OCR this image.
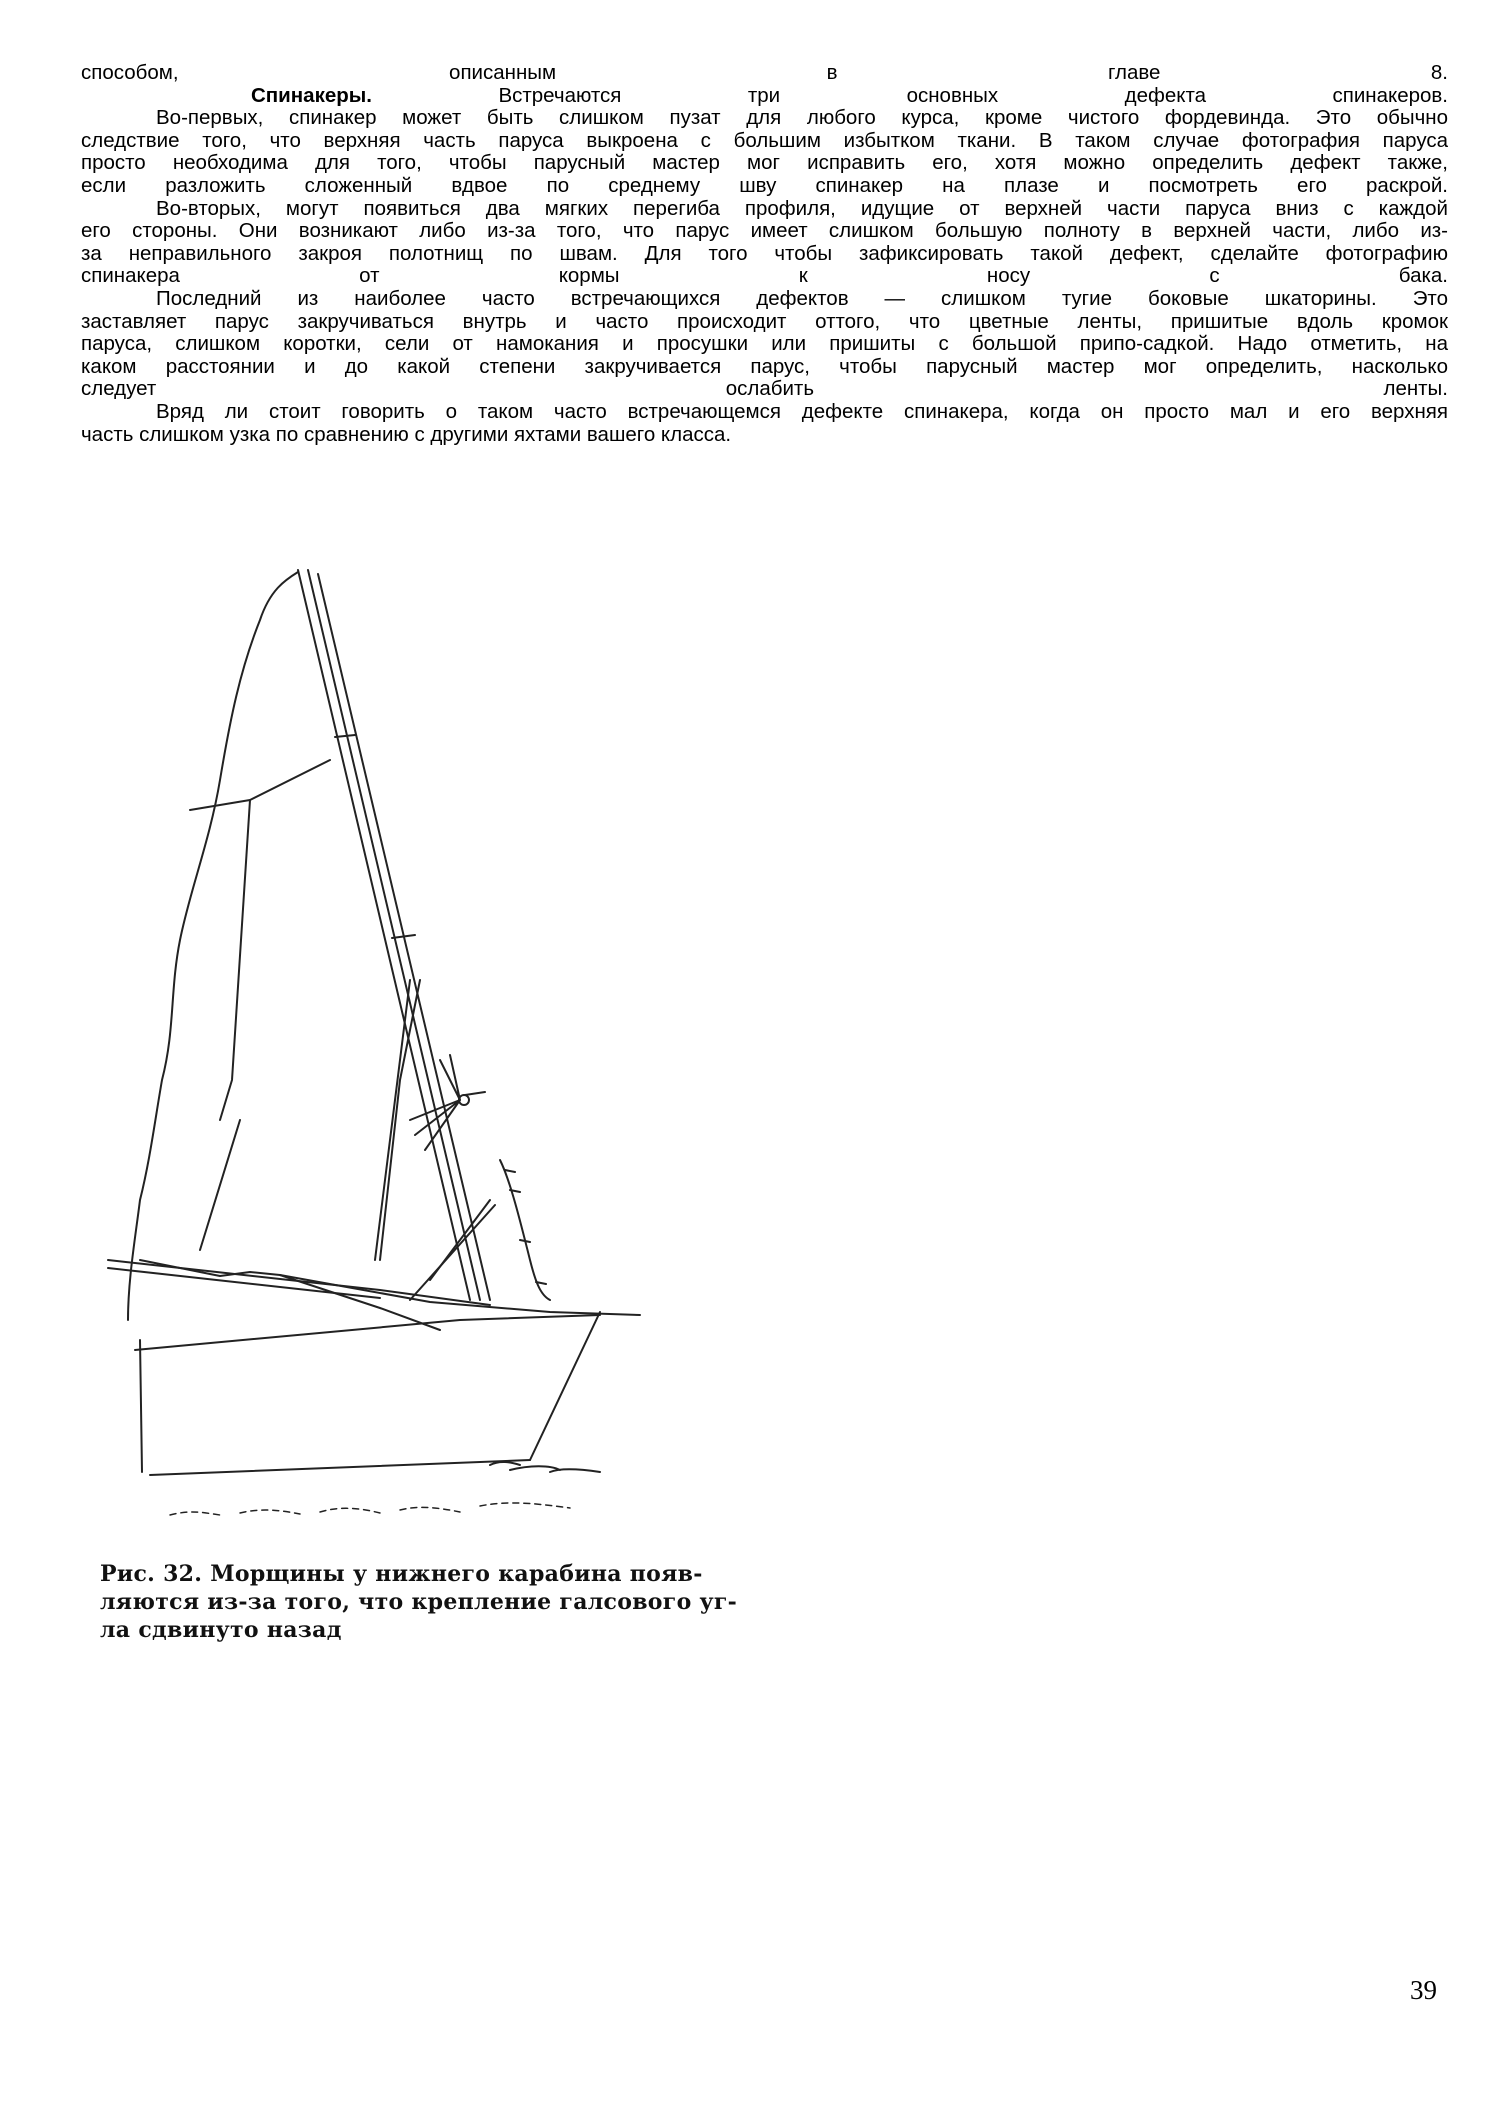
способом, описанным в главе 8.
Спинакеры.	Встречаются три основных дефекта спинакеров.
Во-первых, спинакер может быть слишком пузат для любого курса, кроме чистого фордевинда. Это обычно
следствие того, что верхняя часть паруса выкроена с большим избытком ткани. В таком случае фотография паруса
просто необходима для того, чтобы парусный мастер мог исправить его, хотя можно определить дефект также,
если разложить сложенный вдвое по среднему шву спинакер на плазе и посмотреть его раскрой.
Во-вторых, могут появиться два мягких перегиба профиля, идущие от верхней части паруса вниз с каждой
его стороны. Они возникают либо из-за того, что парус имеет слишком большую полноту в верхней части, либо из-
за неправильного закроя полотнищ по швам. Для того чтобы зафиксировать такой дефект, сделайте фотографию
спинакера от кормы к носу с бака.
Последний из наиболее часто встречающихся дефектов — слишком тугие боковые шкаторины. Это
заставляет парус закручиваться внутрь и часто происходит оттого, что цветные ленты, пришитые вдоль кромок
паруса, слишком коротки, сели от намокания и просушки или пришиты с большой припо-садкой. Надо отметить, на
каком расстоянии и до какой степени закручивается парус, чтобы парусный мастер мог определить, насколько
следует ослабить ленты.
Вряд ли стоит говорить о таком часто встречающемся дефекте спинакера, когда он просто мал и его верхняя
часть слишком узка по сравнению с другими яхтами вашего класса.
Рис. 32. Морщины у нижнего карабина появ-
ляются из-за того, что крепление галсового уг-
ла сдвинуто назад
39
